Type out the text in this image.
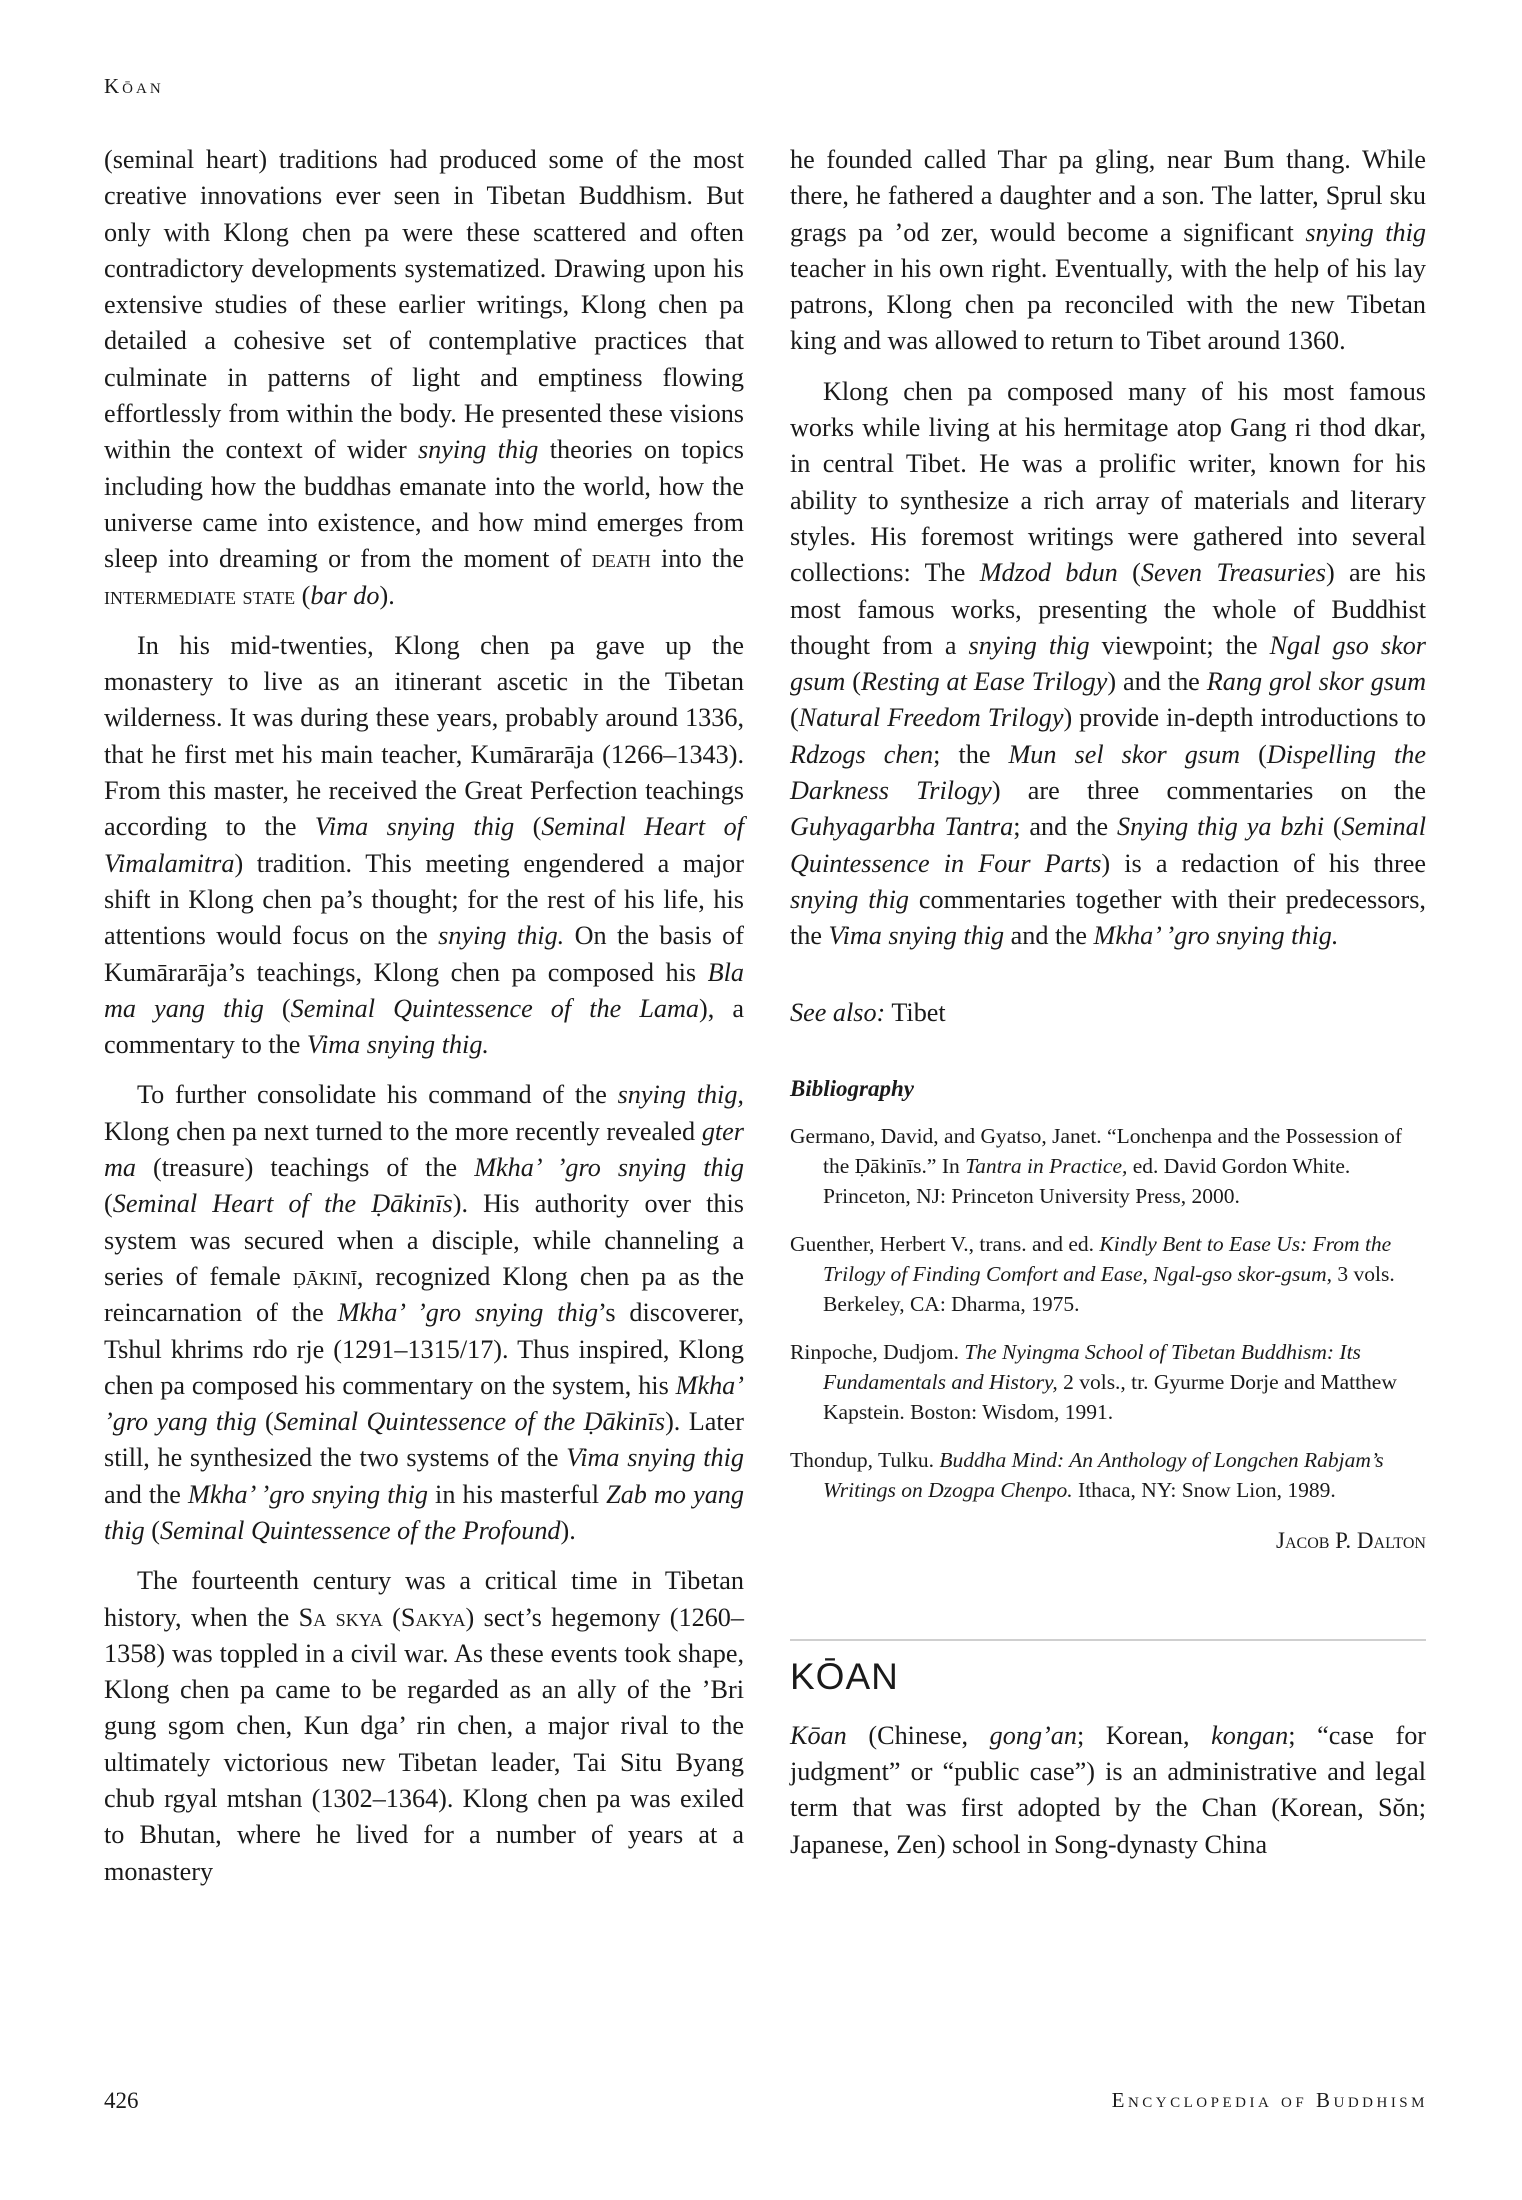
Kōan

(seminal heart) traditions had produced some of the most creative innovations ever seen in Tibetan Buddhism. But only with Klong chen pa were these scattered and often contradictory developments systematized. Drawing upon his extensive studies of these earlier writings, Klong chen pa detailed a cohesive set of contemplative practices that culminate in patterns of light and emptiness flowing effortlessly from within the body. He presented these visions within the context of wider snying thig theories on topics including how the buddhas emanate into the world, how the universe came into existence, and how mind emerges from sleep into dreaming or from the moment of death into the intermediate state (bar do).

In his mid-twenties, Klong chen pa gave up the monastery to live as an itinerant ascetic in the Tibetan wilderness. It was during these years, probably around 1336, that he first met his main teacher, Kumārarāja (1266–1343). From this master, he received the Great Perfection teachings according to the Vima snying thig (Seminal Heart of Vimalamitra) tradition. This meeting engendered a major shift in Klong chen pa’s thought; for the rest of his life, his attentions would focus on the snying thig. On the basis of Kumārarāja’s teachings, Klong chen pa composed his Bla ma yang thig (Seminal Quintessence of the Lama), a commentary to the Vima snying thig.

To further consolidate his command of the snying thig, Klong chen pa next turned to the more recently revealed gter ma (treasure) teachings of the Mkha’ ’gro snying thig (Seminal Heart of the Ḍākinīs). His authority over this system was secured when a disciple, while channeling a series of female ḍākinī, recognized Klong chen pa as the reincarnation of the Mkha’ ’gro snying thig’s discoverer, Tshul khrims rdo rje (1291–1315/17). Thus inspired, Klong chen pa composed his commentary on the system, his Mkha’ ’gro yang thig (Seminal Quintessence of the Ḍākinīs). Later still, he synthesized the two systems of the Vima snying thig and the Mkha’ ’gro snying thig in his masterful Zab mo yang thig (Seminal Quintessence of the Profound).

The fourteenth century was a critical time in Tibetan history, when the Sa skya (Sakya) sect’s hegemony (1260–1358) was toppled in a civil war. As these events took shape, Klong chen pa came to be regarded as an ally of the ’Bri gung sgom chen, Kun dga’ rin chen, a major rival to the ultimately victorious new Tibetan leader, Tai Situ Byang chub rgyal mtshan (1302–1364). Klong chen pa was exiled to Bhutan, where he lived for a number of years at a monastery

he founded called Thar pa gling, near Bum thang. While there, he fathered a daughter and a son. The latter, Sprul sku grags pa ’od zer, would become a significant snying thig teacher in his own right. Eventually, with the help of his lay patrons, Klong chen pa reconciled with the new Tibetan king and was allowed to return to Tibet around 1360.

Klong chen pa composed many of his most famous works while living at his hermitage atop Gang ri thod dkar, in central Tibet. He was a prolific writer, known for his ability to synthesize a rich array of materials and literary styles. His foremost writings were gathered into several collections: The Mdzod bdun (Seven Treasuries) are his most famous works, presenting the whole of Buddhist thought from a snying thig viewpoint; the Ngal gso skor gsum (Resting at Ease Trilogy) and the Rang grol skor gsum (Natural Freedom Trilogy) provide in-depth introductions to Rdzogs chen; the Mun sel skor gsum (Dispelling the Darkness Trilogy) are three commentaries on the Guhyagarbha Tantra; and the Snying thig ya bzhi (Seminal Quintessence in Four Parts) is a redaction of his three snying thig commentaries together with their predecessors, the Vima snying thig and the Mkha’ ’gro snying thig.

See also: Tibet

Bibliography
Germano, David, and Gyatso, Janet. “Lonchenpa and the Possession of the Ḍākinīs.” In Tantra in Practice, ed. David Gordon White. Princeton, NJ: Princeton University Press, 2000.
Guenther, Herbert V., trans. and ed. Kindly Bent to Ease Us: From the Trilogy of Finding Comfort and Ease, Ngal-gso skor-gsum, 3 vols. Berkeley, CA: Dharma, 1975.
Rinpoche, Dudjom. The Nyingma School of Tibetan Buddhism: Its Fundamentals and History, 2 vols., tr. Gyurme Dorje and Matthew Kapstein. Boston: Wisdom, 1991.
Thondup, Tulku. Buddha Mind: An Anthology of Longchen Rabjam’s Writings on Dzogpa Chenpo. Ithaca, NY: Snow Lion, 1989.
Jacob P. Dalton
KŌAN

Kōan (Chinese, gong’an; Korean, kongan; “case for judgment” or “public case”) is an administrative and legal term that was first adopted by the Chan (Korean, Sŏn; Japanese, Zen) school in Song-dynasty China

426	Encyclopedia of Buddhism
